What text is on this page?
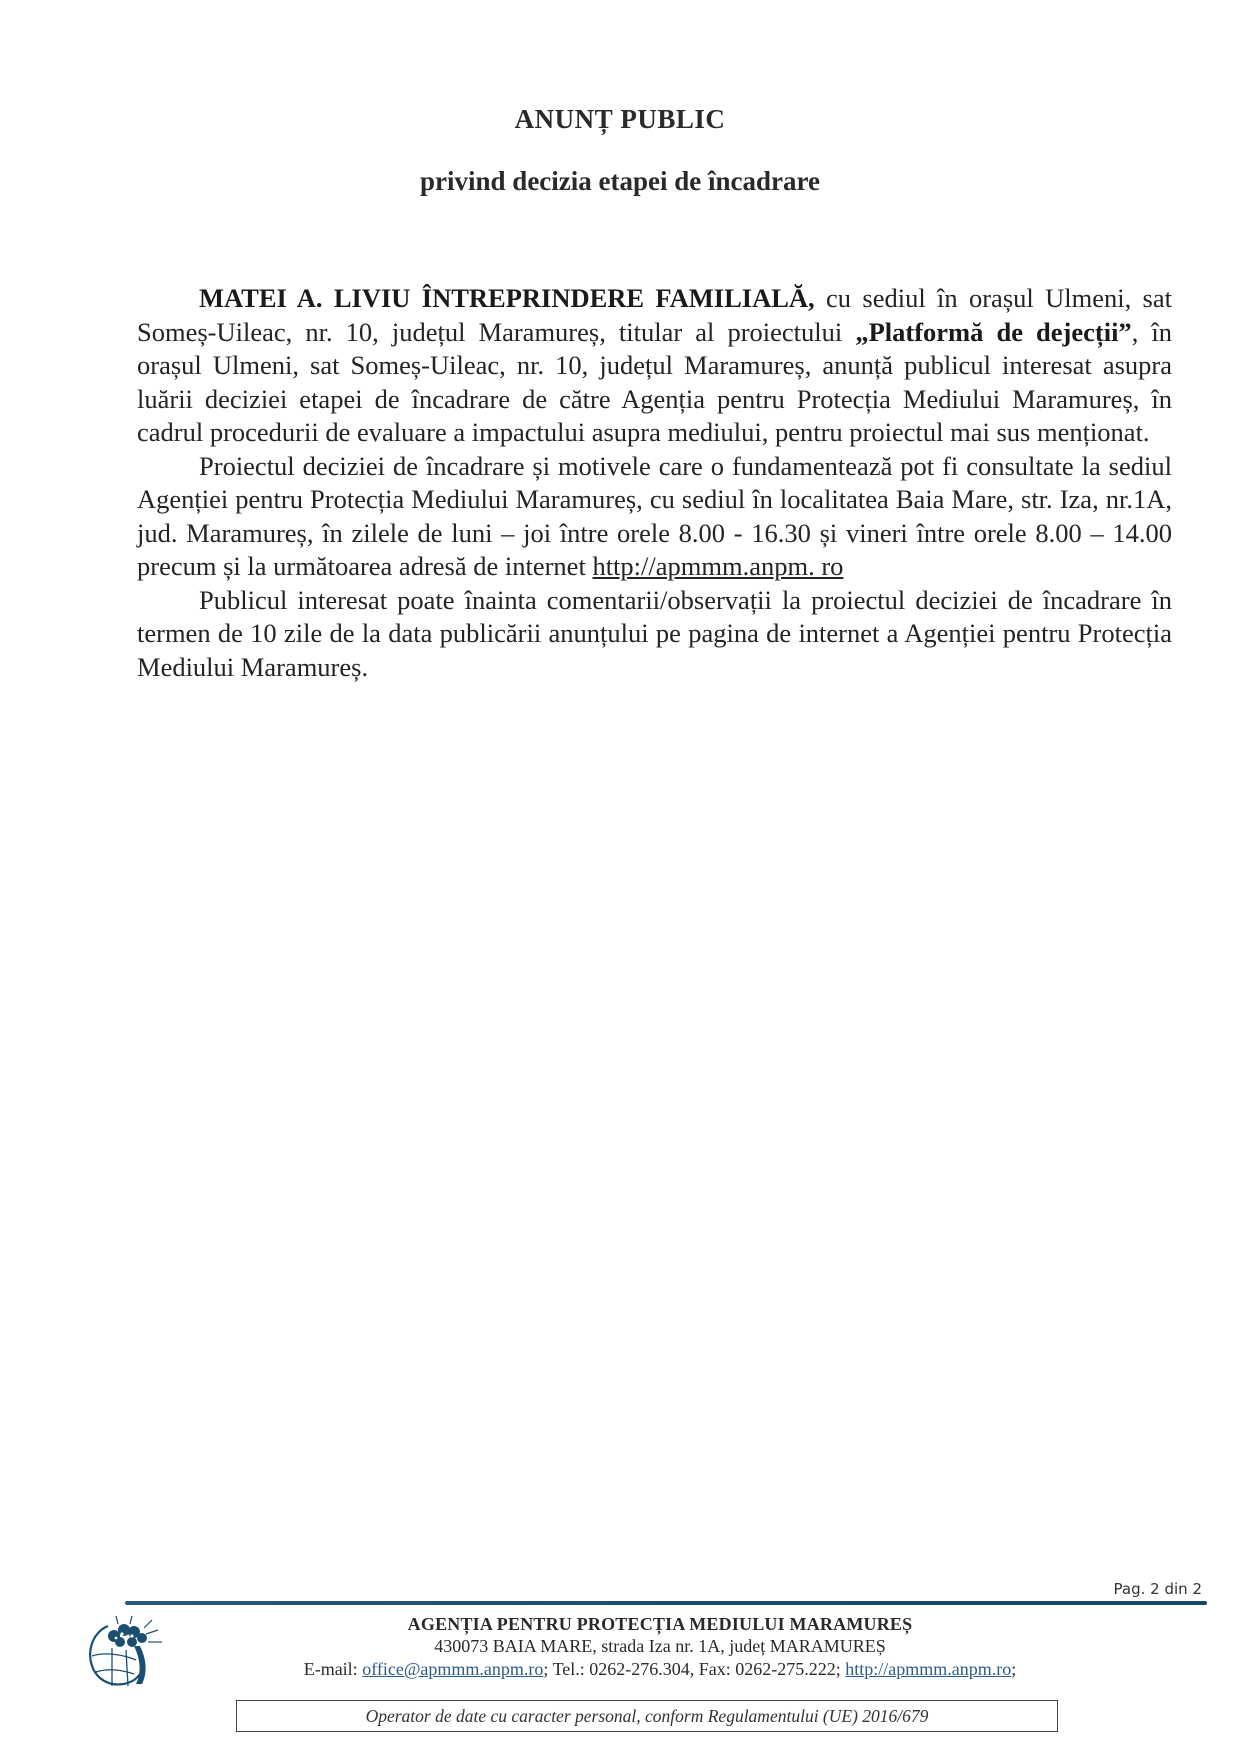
ANUNȚ PUBLIC
privind decizia etapei de încadrare

MATEI A. LIVIU ÎNTREPRINDERE FAMILIALĂ, cu sediul în orașul Ulmeni, sat Someș-Uileac, nr. 10, județul Maramureș, titular al proiectului „Platformă de dejecții”, în orașul Ulmeni, sat Someș-Uileac, nr. 10, județul Maramureș, anunță publicul interesat asupra luării deciziei etapei de încadrare de către Agenția pentru Protecția Mediului Maramureș, în cadrul procedurii de evaluare a impactului asupra mediului, pentru proiectul mai sus menționat.

Proiectul deciziei de încadrare și motivele care o fundamentează pot fi consultate la sediul Agenției pentru Protecția Mediului Maramureș, cu sediul în localitatea Baia Mare, str. Iza, nr.1A, jud. Maramureș, în zilele de luni – joi între orele 8.00 - 16.30 și vineri între orele 8.00 – 14.00 precum și la următoarea adresă de internet http://apmmm.anpm. ro

Publicul interesat poate înainta comentarii/observații la proiectul deciziei de încadrare în termen de 10 zile de la data publicării anunțului pe pagina de internet a Agenției pentru Protecția Mediului Maramureș.

Pag. 2 din 2
AGENȚIA PENTRU PROTECȚIA MEDIULUI MARAMUREȘ
430073 BAIA MARE, strada Iza nr. 1A, județ MARAMUREȘ
E-mail: office@apmmm.anpm.ro; Tel.: 0262-276.304, Fax: 0262-275.222; http://apmmm.anpm.ro;
Operator de date cu caracter personal, conform Regulamentului (UE) 2016/679
